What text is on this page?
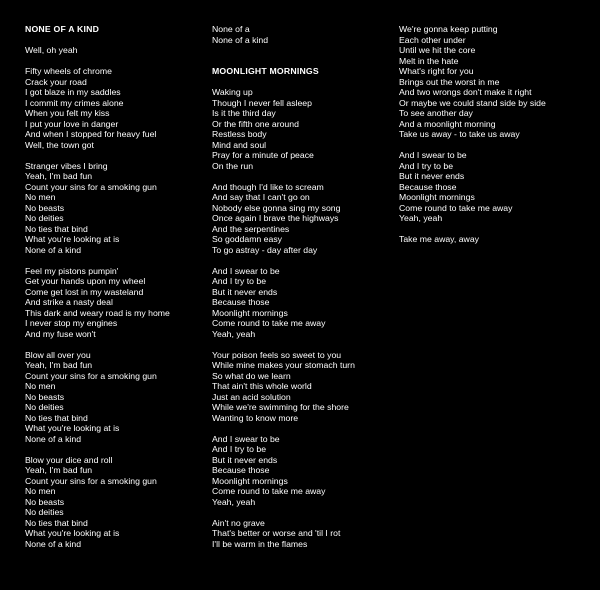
NONE OF A KIND
Well, oh yeah
Fifty wheels of chrome
Crack your road
I got blaze in my saddles
I commit my crimes alone
When you felt my kiss
I put your love in danger
And when I stopped for heavy fuel
Well, the town got
Stranger vibes I bring
Yeah, I'm bad fun
Count your sins for a smoking gun
No men
No beasts
No deities
No ties that bind
What you're looking at is
None of a kind
Feel my pistons pumpin'
Get your hands upon my wheel
Come get lost in my wasteland
And strike a nasty deal
This dark and weary road is my home
I never stop my engines
And my fuse won't
Blow all over you
Yeah, I'm bad fun
Count your sins for a smoking gun
No men
No beasts
No deities
No ties that bind
What you're looking at is
None of a kind
Blow your dice and roll
Yeah, I'm bad fun
Count your sins for a smoking gun
No men
No beasts
No deities
No ties that bind
What you're looking at is
None of a kind
None of a
None of a kind
MOONLIGHT MORNINGS
Waking up
Though I never fell asleep
Is it the third day
Or the fifth one around
Restless body
Mind and soul
Pray for a minute of peace
On the run
And though I'd like to scream
And say that I can't go on
Nobody else gonna sing my song
Once again I brave the highways
And the serpentines
So goddamn easy
To go astray - day after day
And I swear to be
And I try to be
But it never ends
Because those
Moonlight mornings
Come round to take me away
Yeah, yeah
Your poison feels so sweet to you
While mine makes your stomach turn
So what do we learn
That ain't this whole world
Just an acid solution
While we're swimming for the shore
Wanting to know more
And I swear to be
And I try to be
But it never ends
Because those
Moonlight mornings
Come round to take me away
Yeah, yeah
Ain't no grave
That's better or worse and 'til I rot
I'll be warm in the flames
We're gonna keep putting
Each other under
Until we hit the core
Melt in the hate
What's right for you
Brings out the worst in me
And two wrongs don't make it right
Or maybe we could stand side by side
To see another day
And a moonlight morning
Take us away - to take us away
And I swear to be
And I try to be
But it never ends
Because those
Moonlight mornings
Come round to take me away
Yeah, yeah
Take me away, away
